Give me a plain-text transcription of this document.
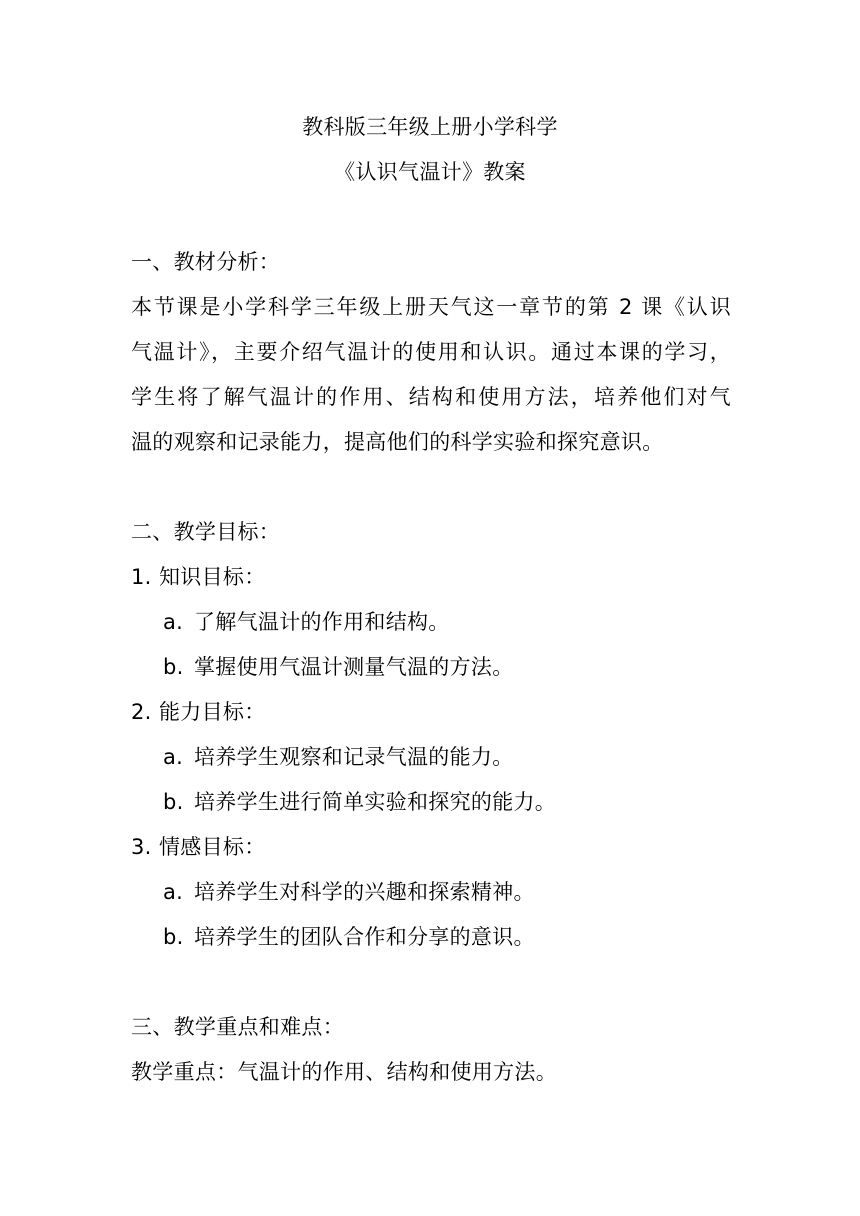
教科版三年级上册小学科学
《认识气温计》教案
一、教材分析：
本节课是小学科学三年级上册天气这一章节的第 2 课《认识
气温计》，主要介绍气温计的使用和认识。通过本课的学习，
学生将了解气温计的作用、结构和使用方法，培养他们对气
温的观察和记录能力，提高他们的科学实验和探究意识。
二、教学目标：
1. 知识目标：
a. 了解气温计的作用和结构。
b. 掌握使用气温计测量气温的方法。
2. 能力目标：
a. 培养学生观察和记录气温的能力。
b. 培养学生进行简单实验和探究的能力。
3. 情感目标：
a. 培养学生对科学的兴趣和探索精神。
b. 培养学生的团队合作和分享的意识。
三、教学重点和难点：
教学重点：气温计的作用、结构和使用方法。
